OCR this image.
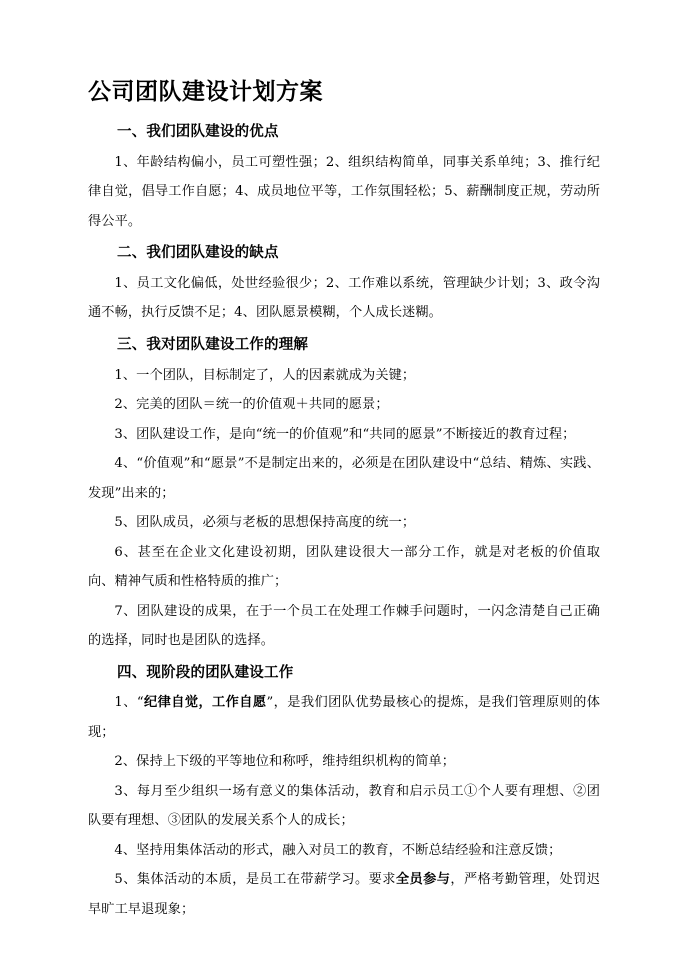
公司团队建设计划方案
一、我们团队建设的优点

1、年龄结构偏小，员工可塑性强；2、组织结构简单，同事关系单纯；3、推行纪律自觉，倡导工作自愿；4、成员地位平等，工作氛围轻松；5、薪酬制度正规，劳动所得公平。

二、我们团队建设的缺点

1、员工文化偏低，处世经验很少；2、工作难以系统，管理缺少计划；3、政令沟通不畅，执行反馈不足；4、团队愿景模糊，个人成长迷糊。

三、我对团队建设工作的理解

1、一个团队，目标制定了，人的因素就成为关键；

2、完美的团队＝统一的价值观＋共同的愿景；

3、团队建设工作，是向“统一的价值观”和“共同的愿景”不断接近的教育过程；

4、“价值观”和“愿景”不是制定出来的，必须是在团队建设中“总结、精炼、实践、发现”出来的；

5、团队成员，必须与老板的思想保持高度的统一；

6、甚至在企业文化建设初期，团队建设很大一部分工作，就是对老板的价值取向、精神气质和性格特质的推广；

7、团队建设的成果，在于一个员工在处理工作棘手问题时，一闪念清楚自己正确的选择，同时也是团队的选择。

四、现阶段的团队建设工作

1、“纪律自觉，工作自愿”，是我们团队优势最核心的提炼，是我们管理原则的体现；

2、保持上下级的平等地位和称呼，维持组织机构的简单；

3、每月至少组织一场有意义的集体活动，教育和启示员工①个人要有理想、②团队要有理想、③团队的发展关系个人的成长；

4、坚持用集体活动的形式，融入对员工的教育，不断总结经验和注意反馈；

5、集体活动的本质，是员工在带薪学习。要求全员参与，严格考勤管理，处罚迟早旷工早退现象；
